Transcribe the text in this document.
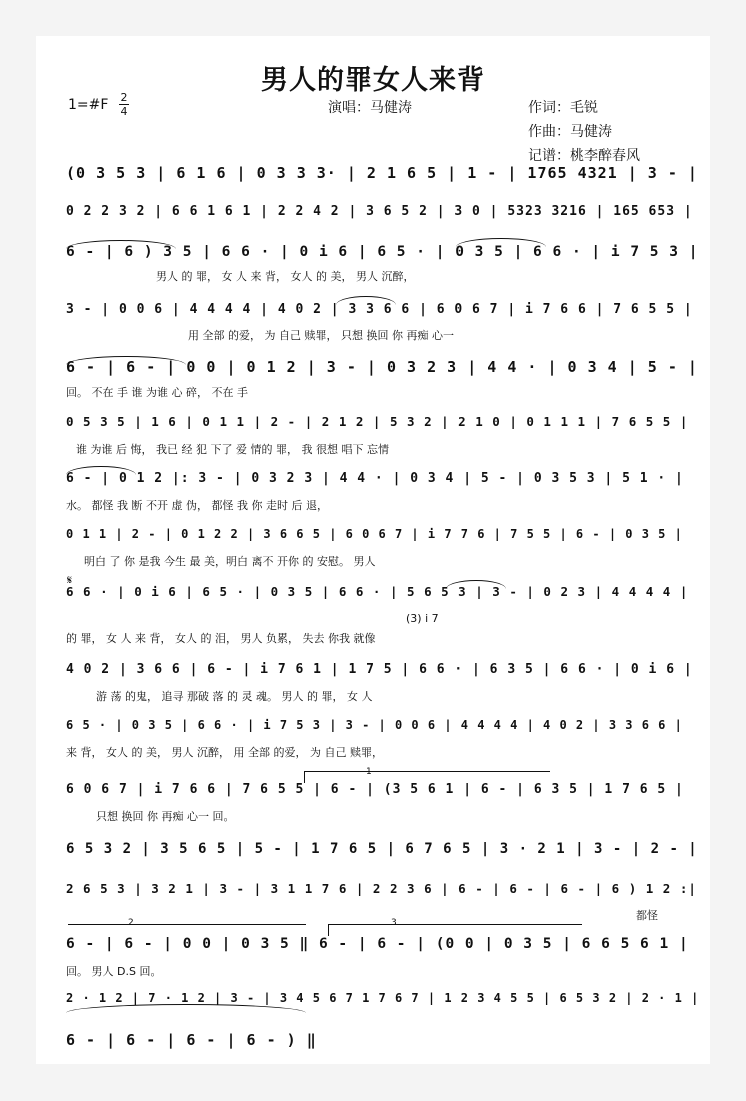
男人的罪女人来背
1=#F 2
4	演唱：马健涛	作词：毛锐
作曲：马健涛
记谱：桃李醉春风
𝄋
(0 3 5 3 | 6 1 6 | 0 3 3 3· | 2 1 6 5 | 1 - | 1765 4321 | 3 - |
0 2 2 3 2 | 6 6 1 6 1 | 2 2 4 2 | 3 6 5 2 | 3 0 | 5323 3216 | 165 653 |
6 - | 6 ) 3 5 | 6 6 · | 0 i 6 | 6 5 · | 0 3 5 | 6 6 · | i 7 5 3 |
男人 的 罪， 女 人 来 背， 女人 的 美， 男人 沉醉，
3 - | 0 0 6 | 4 4 4 4 | 4 0 2 | 3 3 6 6 | 6 0 6 7 | i 7 6 6 | 7 6 5 5 |
用 全部 的爱， 为 自己 赎罪， 只想 换回 你 再痴 心一
6 - | 6 - | 0 0 | 0 1 2 | 3 - | 0 3 2 3 | 4 4 · | 0 3 4 | 5 - |
回。 不在 手 谁 为谁 心 碎， 不在 手
0 5 3 5 | 1 6 | 0 1 1 | 2 - | 2 1 2 | 5 3 2 | 2 1 0 | 0 1 1 1 | 7 6 5 5 |
谁 为谁 后 悔， 我已 经 犯 下了 爱 情的 罪， 我 很想 唱下 忘情
6 - | 0 1 2 |: 3 - | 0 3 2 3 | 4 4 · | 0 3 4 | 5 - | 0 3 5 3 | 5 1 · |
水。 都怪 我 断 不开 虚 伪， 都怪 我 你 走时 后 退，
0 1 1 | 2 - | 0 1 2 2 | 3 6 6 5 | 6 0 6 7 | i 7 7 6 | 7 5 5 | 6 - | 0 3 5 |
明白 了 你 是我 今生 最 美，明白 离不 开你 的 安慰。 男人
6 6 · | 0 i 6 | 6 5 · | 0 3 5 | 6 6 · | 5 6 5 3 | 3 - | 0 2 3 | 4 4 4 4 |
(3) i 7
的 罪， 女 人 来 背， 女人 的 泪， 男人 负累， 失去 你我 就像
4 0 2 | 3 6 6 | 6 - | i 7 6 1 | 1 7 5 | 6 6 · | 6 3 5 | 6 6 · | 0 i 6 |
游 荡 的鬼， 追寻 那破 落 的 灵 魂。 男人 的 罪， 女 人
6 5 · | 0 3 5 | 6 6 · | i 7 5 3 | 3 - | 0 0 6 | 4 4 4 4 | 4 0 2 | 3 3 6 6 |
来 背， 女人 的 美， 男人 沉醉， 用 全部 的爱， 为 自己 赎罪，
1
6 0 6 7 | i 7 6 6 | 7 6 5 5 | 6 - | (3 5 6 1 | 6 - | 6 3 5 | 1 7 6 5 |
只想 换回 你 再痴 心一 回。
6 5 3 2 | 3 5 6 5 | 5 - | 1 7 6 5 | 6 7 6 5 | 3 · 2 1 | 3 - | 2 - |
2 6 5 3 | 3 2 1 | 3 - | 3 1 1 7 6 | 2 2 3 6 | 6 - | 6 - | 6 - | 6 ) 1 2 :|
都怪
2	3
6 - | 6 - | 0 0 | 0 3 5 ‖ 6 - | 6 - | (0 0 | 0 3 5 | 6 6 5 6 1 |
回。 男人 D.S 回。
2 · 1 2 | 7 · 1 2 | 3 - | 3 4 5 6 7 1 7 6 7 | 1 2 3 4 5 5 | 6 5 3 2 | 2 · 1 |
6 - | 6 - | 6 - | 6 - ) ‖
